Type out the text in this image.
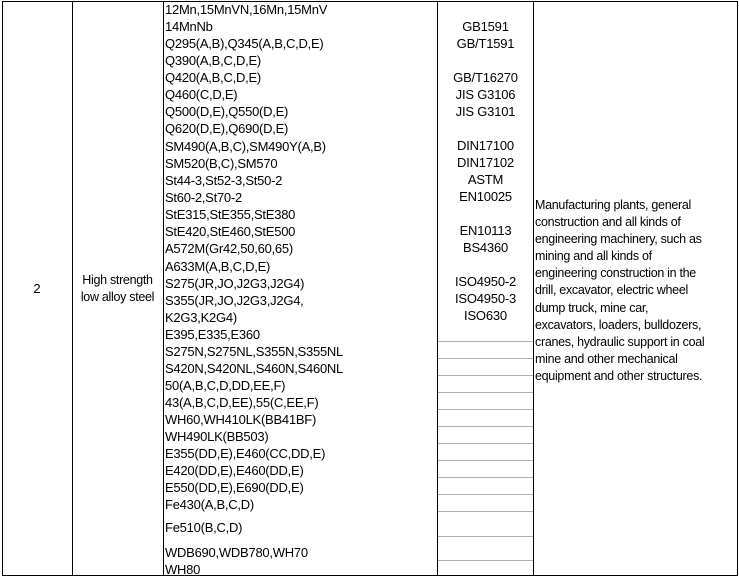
2
High strength
low alloy steel
12Mn,15MnVN,16Mn,15MnV
14MnNb
Q295(A,B),Q345(A,B,C,D,E)
Q390(A,B,C,D,E)
Q420(A,B,C,D,E)
Q460(C,D,E)
Q500(D,E),Q550(D,E)
Q620(D,E),Q690(D,E)
SM490(A,B,C),SM490Y(A,B)
SM520(B,C),SM570
St44-3,St52-3,St50-2
St60-2,St70-2
StE315,StE355,StE380
StE420,StE460,StE500
A572M(Gr42,50,60,65)
A633M(A,B,C,D,E)
S275(JR,JO,J2G3,J2G4)
S355(JR,JO,J2G3,J2G4,
K2G3,K2G4)
E395,E335,E360
S275N,S275NL,S355N,S355NL
S420N,S420NL,S460N,S460NL
50(A,B,C,D,DD,EE,F)
43(A,B,C,D,EE),55(C,EE,F)
WH60,WH410LK(BB41BF)
WH490LK(BB503)
E355(DD,E),E460(CC,DD,E)
E420(DD,E),E460(DD,E)
E550(DD,E),E690(DD,E)
Fe430(A,B,C,D)
Fe510(B,C,D)
WDB690,WDB780,WH70
WH80
GB1591
GB/T1591
GB/T16270
JIS G3106
JIS G3101
DIN17100
DIN17102
ASTM
EN10025
EN10113
BS4360
ISO4950-2
ISO4950-3
ISO630
Manufacturing plants, general
construction and all kinds of
engineering machinery, such as
mining and all kinds of
engineering construction in the
drill, excavator, electric wheel
dump truck, mine car,
excavators, loaders, bulldozers,
cranes, hydraulic support in coal
mine and other mechanical
equipment and other structures.
